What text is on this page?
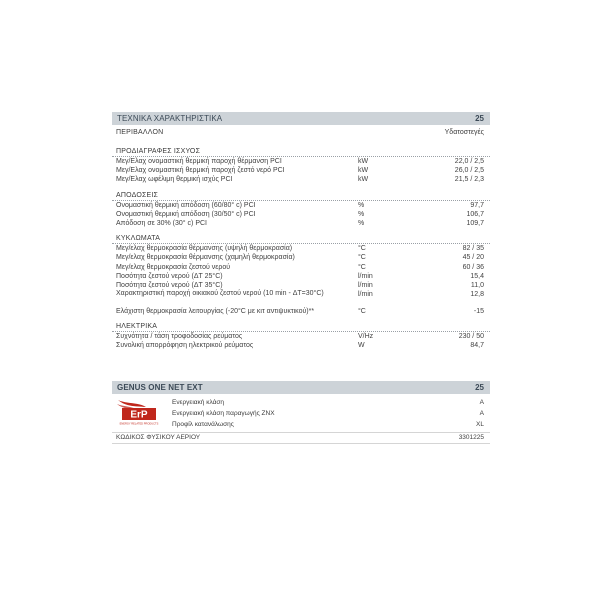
ΤΕΧΝΙΚΑ ΧΑΡΑΚΤΗΡΙΣΤΙΚΑ	25
ΠΕΡΙΒΑΛΛΟΝ	Υδατοστεγές
ΠΡΟΔΙΑΓΡΑΦΕΣ ΙΣΧΥΟΣ
Μεγ/Ελαχ ονομαστική θερμική παροχή θέρμανση PCI	kW	22,0 / 2,5
Μεγ/Ελαχ ονομαστική θερμική παροχή ζεστό νερό PCI	kW	26,0 / 2,5
Μεγ/Ελαχ ωφέλιμη θερμική ισχύς PCI	kW	21,5 / 2,3
ΑΠΟΔΟΣΕΙΣ
Ονομαστική θερμική απόδοση (60/80° c) PCI	%	97,7
Ονομαστική θερμική απόδοση (30/50° c) PCI	%	106,7
Απόδοση σε 30% (30° c) PCI	%	109,7
ΚΥΚΛΩΜΑΤΑ
Μεγ/ελαχ θερμοκρασία θέρμανσης (υψηλή θερμοκρασία)	°C	82 / 35
Μεγ/ελαχ θερμοκρασία θέρμανσης (χαμηλή θερμοκρασία)	°C	45 / 20
Μεγ/ελαχ θερμοκρασία ζεστού νερού	°C	60 / 36
Ποσότητα ζεστού νερού (ΔT 25°C)	l/min	15,4
Ποσότητα ζεστού νερού (ΔT 35°C)	l/min	11,0
Χαρακτηριστική παροχή οικιακού ζεστού νερού (10 min - ΔT=30°C)	l/min	12,8
Ελάχιστη θερμοκρασία λειτουργίας (-20°C με κιτ αντιψυκτικού)**	°C	-15
ΗΛΕΚΤΡΙΚΑ
Συχνότητα / τάση τροφοδοσίας ρεύματος	V/Hz	230 / 50
Συνολική απορρόφηση ηλεκτρικού ρεύματος	W	84,7
GENUS ONE NET EXT	25
ErP
ENERGY RELATED PRODUCTS
Ενεργειακή κλάση	A
Ενεργειακή κλάση παραγωγής ZNX	A
Προφίλ κατανάλωσης	XL
ΚΩΔΙΚΟΣ ΦΥΣΙΚΟΥ ΑΕΡΙΟΥ	3301225
